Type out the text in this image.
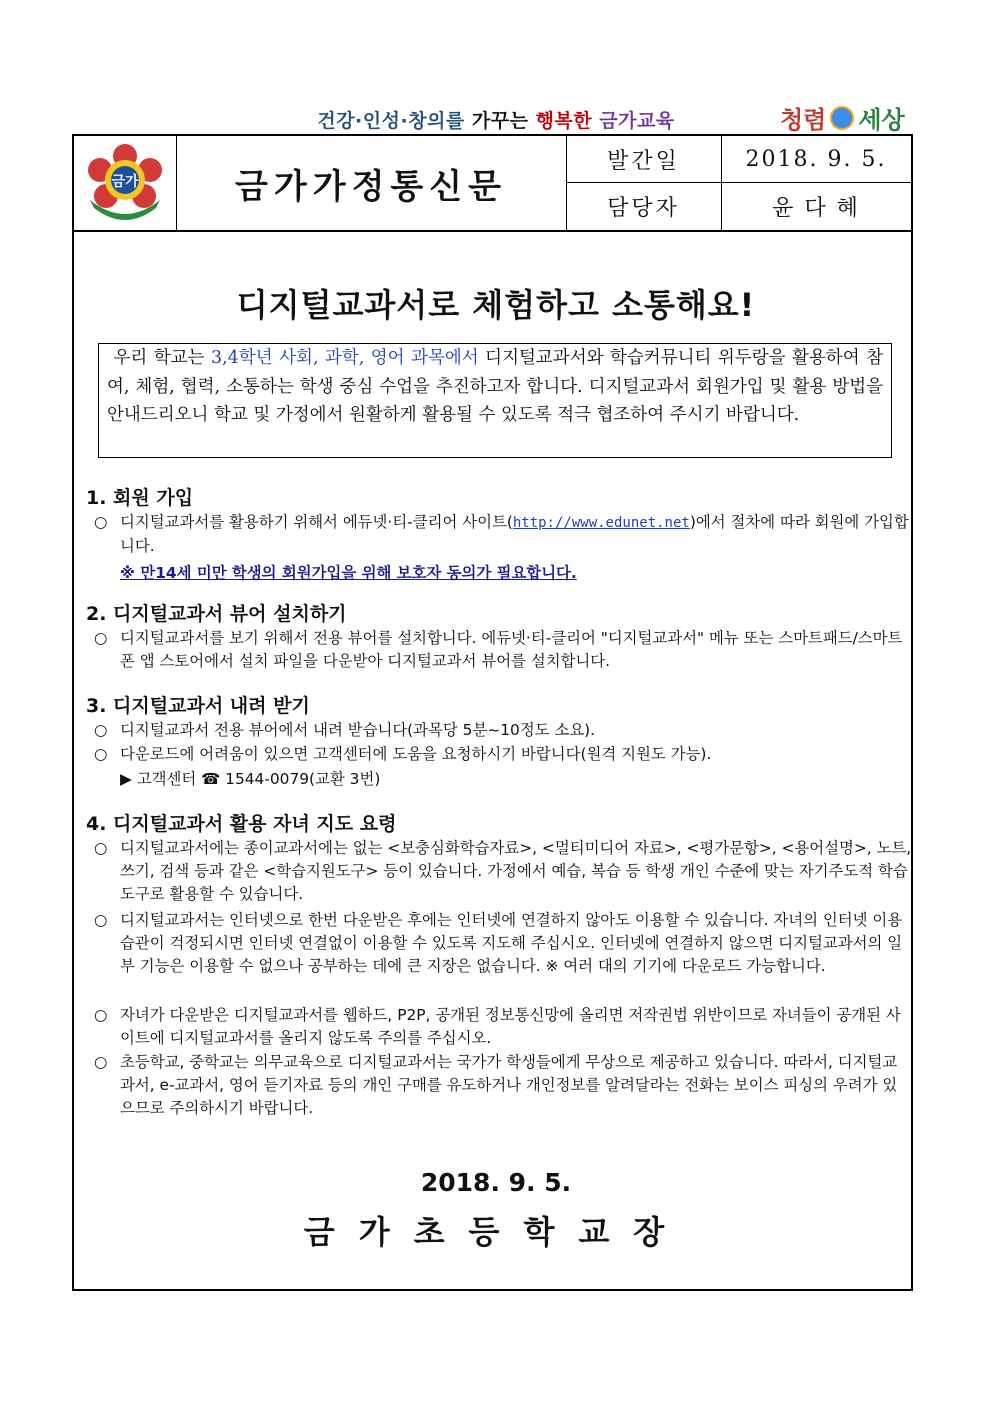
건강·인성·창의를 가꾸는 행복한 금가교육	청렴 세상
금가	금가가정통신문
발간일	2018. 9. 5.
담당자	윤 다 혜
디지털교과서로 체험하고 소통해요!
우리 학교는 3,4학년 사회, 과학, 영어 과목에서 디지털교과서와 학습커뮤니티 위두랑을 활용하여 참여, 체험, 협력, 소통하는 학생 중심 수업을 추진하고자 합니다. 디지털교과서 회원가입 및 활용 방법을 안내드리오니 학교 및 가정에서 원활하게 활용될 수 있도록 적극 협조하여 주시기 바랍니다.
1. 회원 가입
○ 디지털교과서를 활용하기 위해서 에듀넷·티-클리어 사이트(http://www.edunet.net)에서 절차에 따라 회원에 가입합니다.
※ 만14세 미만 학생의 회원가입을 위해 보호자 동의가 필요합니다.
2. 디지털교과서 뷰어 설치하기
○ 디지털교과서를 보기 위해서 전용 뷰어를 설치합니다. 에듀넷·티-클리어 "디지털교과서" 메뉴 또는 스마트패드/스마트폰 앱 스토어에서 설치 파일을 다운받아 디지털교과서 뷰어를 설치합니다.
3. 디지털교과서 내려 받기
○ 디지털교과서 전용 뷰어에서 내려 받습니다(과목당 5분~10정도 소요).
○ 다운로드에 어려움이 있으면 고객센터에 도움을 요청하시기 바랍니다(원격 지원도 가능).
▶ 고객센터 ☎ 1544-0079(교환 3번)
4. 디지털교과서 활용 자녀 지도 요령
○ 디지털교과서에는 종이교과서에는 없는 <보충심화학습자료>, <멀티미디어 자료>, <평가문항>, <용어설명>, 노트, 쓰기, 검색 등과 같은 <학습지원도구> 등이 있습니다. 가정에서 예습, 복습 등 학생 개인 수준에 맞는 자기주도적 학습 도구로 활용할 수 있습니다.
○ 디지털교과서는 인터넷으로 한번 다운받은 후에는 인터넷에 연결하지 않아도 이용할 수 있습니다. 자녀의 인터넷 이용습관이 걱정되시면 인터넷 연결없이 이용할 수 있도록 지도해 주십시오. 인터넷에 연결하지 않으면 디지털교과서의 일부 기능은 이용할 수 없으나 공부하는 데에 큰 지장은 없습니다. ※ 여러 대의 기기에 다운로드 가능합니다.
○ 자녀가 다운받은 디지털교과서를 웹하드, P2P, 공개된 정보통신망에 올리면 저작권법 위반이므로 자녀들이 공개된 사이트에 디지털교과서를 올리지 않도록 주의를 주십시오.
○ 초등학교, 중학교는 의무교육으로 디지털교과서는 국가가 학생들에게 무상으로 제공하고 있습니다. 따라서, 디지털교과서, e-교과서, 영어 듣기자료 등의 개인 구매를 유도하거나 개인정보를 알려달라는 전화는 보이스 피싱의 우려가 있으므로 주의하시기 바랍니다.
2018. 9. 5.
금가초등학교장
